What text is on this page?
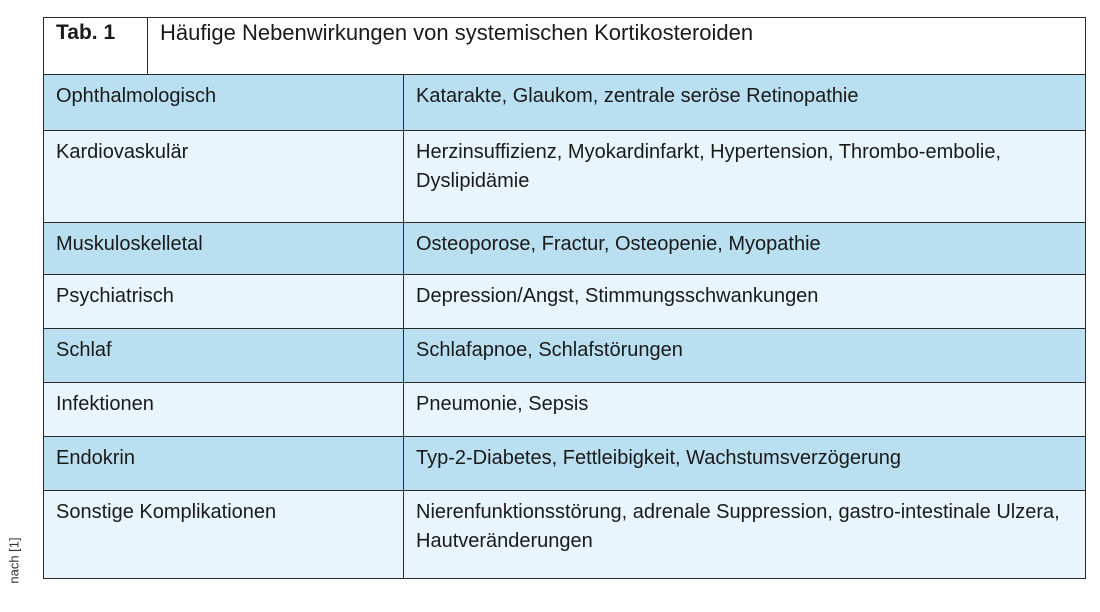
nach [1]
Tab. 1	Häufige Nebenwirkungen von systemischen Kortikosteroiden	
Ophthalmologisch		Katarakte, Glaukom, zentrale seröse Retinopathie
Kardiovaskulär		Herzinsuffizienz, Myokardinfarkt, Hypertension, Thrombo-embolie, Dyslipidämie
Muskuloskelletal		Osteoporose, Fractur, Osteopenie, Myopathie
Psychiatrisch		Depression/Angst, Stimmungsschwankungen
Schlaf		Schlafapnoe, Schlafstörungen
Infektionen		Pneumonie, Sepsis
Endokrin		Typ-2-Diabetes, Fettleibigkeit, Wachstumsverzögerung
Sonstige Komplikationen		Nierenfunktionsstörung, adrenale Suppression, gastro-intestinale Ulzera, Hautveränderungen
